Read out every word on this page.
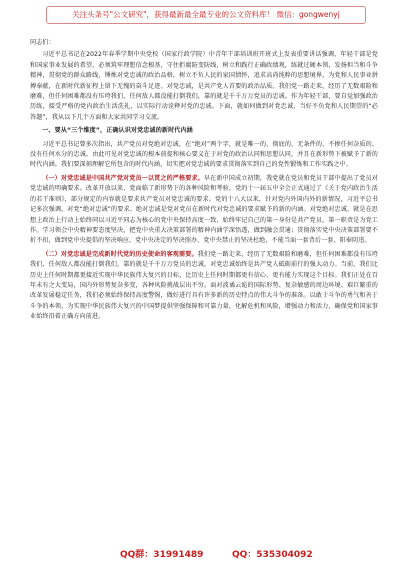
关注头条号"公文研究"，获得最新最全最专业的公文资料库！ 微信：gongwenyj

同志们：

习近平总书记在2022年春季学期中央党校（国家行政学院）中青年干部培训班开班式上发表重要讲话强调，年轻干部是党和国家事业发展的希望，必须筑牢理想信念根基，守住拒腐防变防线，树立和践行正确政绩观，练就过硬本领，发扬担当和斗争精神，贯彻党的群众路线，锤炼对党忠诚的政治品格，树立不负人民的家国情怀，追求高尚纯粹的思想境界，为党和人民事业拼搏奉献，在新时代新征程上留下无愧的奋斗足迹。对党忠诚，是共产党人首要的政治品质。我们党一路走来，经历了无数艰险和磨难，但任何困难都没有压垮我们，任何敌人都没能打倒我们，靠的就是千千万万党员的忠诚。作为年轻干部，要自觉加强政治历练，接受严格的党内政治生活洗礼，以实际行动诠释对党的忠诚。下面，就如何做到对党忠诚，当好不负党和人民期望的“必答题”，我从以下几个方面和大家共同学习交流。

一、要从“三个维度”，正确认识对党忠诚的新时代内涵

习近平总书记曾多次指出，共产党员对党绝对忠诚，在“绝对”两个字，就是唯一的、彻底的、无条件的、不掺任何杂质的、没有任何水分的忠诚。由此可见对党忠诚的根本前提和核心要义在于对党的政治认同和思想认同，并且在新形势下被赋予了新的时代内涵。我们要深刻理解它所包含的时代内涵，切实把对党忠诚的要求贯彻落实到自己的党性锻炼和工作实践之中。

（一）对党忠诚是中国共产党对党员一以贯之的严格要求。早在新中国成立初期，我党就在党员和党员干部中提出了党员对党忠诚的明确要求。改革开放以来，党面临了新形势下的各种风险和考验，党的十一届五中全会正式通过了《关于党内政治生活的若干准则》，部分规定的内容就是要求共产党员对党忠诚的要求。党的十八大以来，针对党内外国内外的新情况，习近平总书记多次强调，对党“绝对忠诚”的要求。绝对忠诚是党对党员在新时代对党忠诚的要求赋予的新的内涵。对党绝对忠诚，就是在思想上政治上行动上始终同以习近平同志为核心的党中央保持高度一致，始终牢记自己的第一身份是共产党员，第一职责是为党工作。学习领会中央精神要态度坚决，把党中央重大决策部署的精神内涵学深悟透，做到融会贯通；贯彻落实党中央决策部署要不折不扣，做到党中央提倡的坚决响应、党中央决定的坚决照办、党中央禁止的坚决杜绝，不能当面一套背后一套、阳奉阴违。

（二）对党忠诚是完成新时代党的历史使命的客观需要。我们党一路走来，经历了无数艰险和磨难，但任何困难都没有压垮我们，任何敌人都没能打倒我们，靠的就是千千万万党员的忠诚。对党忠诚始终是共产党人砥砺前行的强大动力。当前，我们比历史上任何时期都更接近实现中华民族伟大复兴的目标，比历史上任何时期都更有信心、更有能力实现这个目标。我们正处在百年未有之大变局，国内外形势复杂多变，各种风险挑战层出不穷。面对波谲云诡的国际形势、复杂敏感的周边环境、艰巨繁重的改革发展稳定任务，我们必须始终保持高度警惕，做好进行具有许多新的历史特点的伟大斗争的准备。以敢于斗争的勇气和善于斗争的本领，为实现中华民族伟大复兴的中国梦提供坚强保障和可靠力量，化解危机和风险，增强动力和活力，确保党和国家事业始终沿着正确方向前进。

QQ群：31991489	QQ：535304092
